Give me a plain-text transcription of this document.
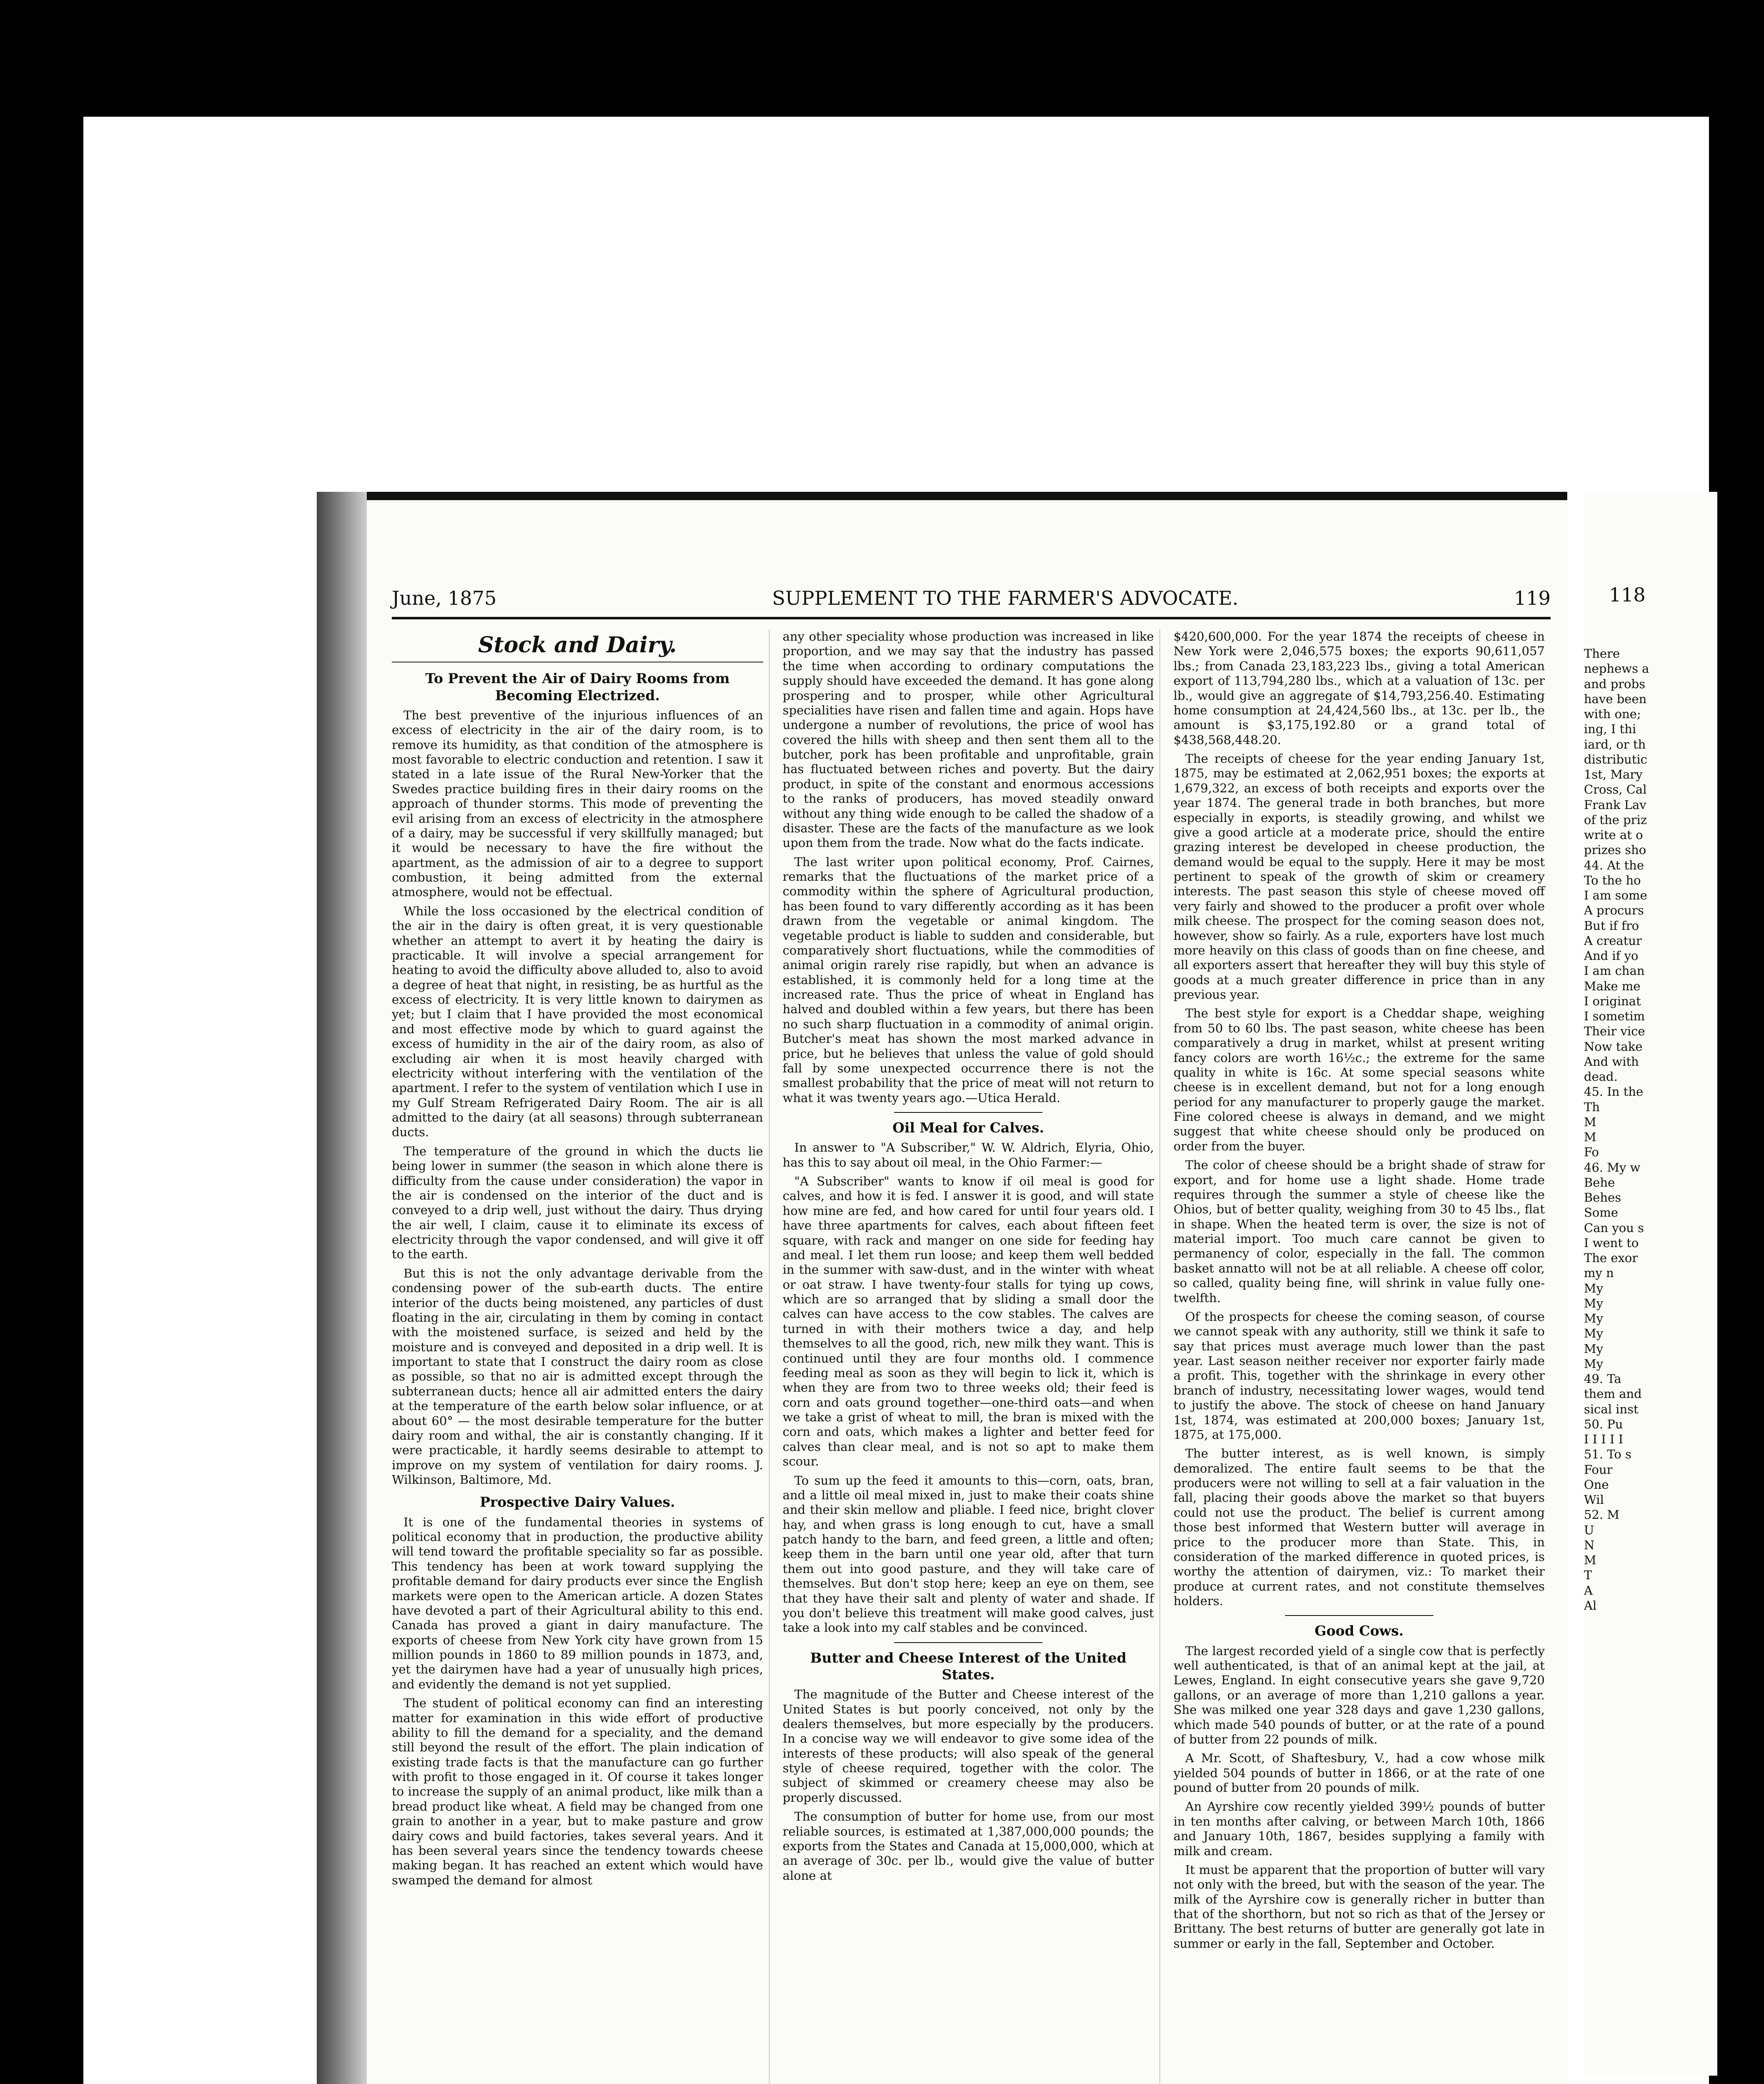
June, 1875	SUPPLEMENT TO THE FARMER'S ADVOCATE.	119
Stock and Dairy.
To Prevent the Air of Dairy Rooms from Becoming Electrized.

The best preventive of the injurious influences of an excess of electricity in the air of the dairy room, is to remove its humidity, as that condition of the atmosphere is most favorable to electric conduction and retention. I saw it stated in a late issue of the Rural New-Yorker that the Swedes practice building fires in their dairy rooms on the approach of thunder storms. This mode of preventing the evil arising from an excess of electricity in the atmosphere of a dairy, may be successful if very skillfully managed; but it would be necessary to have the fire without the apartment, as the admission of air to a degree to support combustion, it being admitted from the external atmosphere, would not be effectual.

While the loss occasioned by the electrical condition of the air in the dairy is often great, it is very questionable whether an attempt to avert it by heating the dairy is practicable. It will involve a special arrangement for heating to avoid the difficulty above alluded to, also to avoid a degree of heat that night, in resisting, be as hurtful as the excess of electricity. It is very little known to dairymen as yet; but I claim that I have provided the most economical and most effective mode by which to guard against the excess of humidity in the air of the dairy room, as also of excluding air when it is most heavily charged with electricity without interfering with the ventilation of the apartment. I refer to the system of ventilation which I use in my Gulf Stream Refrigerated Dairy Room. The air is all admitted to the dairy (at all seasons) through subterranean ducts.

The temperature of the ground in which the ducts lie being lower in summer (the season in which alone there is difficulty from the cause under consideration) the vapor in the air is condensed on the interior of the duct and is conveyed to a drip well, just without the dairy. Thus drying the air well, I claim, cause it to eliminate its excess of electricity through the vapor condensed, and will give it off to the earth.

But this is not the only advantage derivable from the condensing power of the sub-earth ducts. The entire interior of the ducts being moistened, any particles of dust floating in the air, circulating in them by coming in contact with the moistened surface, is seized and held by the moisture and is conveyed and deposited in a drip well. It is important to state that I construct the dairy room as close as possible, so that no air is admitted except through the subterranean ducts; hence all air admitted enters the dairy at the temperature of the earth below solar influence, or at about 60° — the most desirable temperature for the butter dairy room and withal, the air is constantly changing. If it were practicable, it hardly seems desirable to attempt to improve on my system of ventilation for dairy rooms. J. Wilkinson, Baltimore, Md.

Prospective Dairy Values.

It is one of the fundamental theories in systems of political economy that in production, the productive ability will tend toward the profitable speciality so far as possible. This tendency has been at work toward supplying the profitable demand for dairy products ever since the English markets were open to the American article. A dozen States have devoted a part of their Agricultural ability to this end. Canada has proved a giant in dairy manufacture. The exports of cheese from New York city have grown from 15 million pounds in 1860 to 89 million pounds in 1873, and, yet the dairymen have had a year of unusually high prices, and evidently the demand is not yet supplied.

The student of political economy can find an interesting matter for examination in this wide effort of productive ability to fill the demand for a speciality, and the demand still beyond the result of the effort. The plain indication of existing trade facts is that the manufacture can go further with profit to those engaged in it. Of course it takes longer to increase the supply of an animal product, like milk than a bread product like wheat. A field may be changed from one grain to another in a year, but to make pasture and grow dairy cows and build factories, takes several years. And it has been several years since the tendency towards cheese making began. It has reached an extent which would have swamped the demand for almost

any other speciality whose production was increased in like proportion, and we may say that the industry has passed the time when according to ordinary computations the supply should have exceeded the demand. It has gone along prospering and to prosper, while other Agricultural specialities have risen and fallen time and again. Hops have undergone a number of revolutions, the price of wool has covered the hills with sheep and then sent them all to the butcher, pork has been profitable and unprofitable, grain has fluctuated between riches and poverty. But the dairy product, in spite of the constant and enormous accessions to the ranks of producers, has moved steadily onward without any thing wide enough to be called the shadow of a disaster. These are the facts of the manufacture as we look upon them from the trade. Now what do the facts indicate.

The last writer upon political economy, Prof. Cairnes, remarks that the fluctuations of the market price of a commodity within the sphere of Agricultural production, has been found to vary differently according as it has been drawn from the vegetable or animal kingdom. The vegetable product is liable to sudden and considerable, but comparatively short fluctuations, while the commodities of animal origin rarely rise rapidly, but when an advance is established, it is commonly held for a long time at the increased rate. Thus the price of wheat in England has halved and doubled within a few years, but there has been no such sharp fluctuation in a commodity of animal origin. Butcher's meat has shown the most marked advance in price, but he believes that unless the value of gold should fall by some unexpected occurrence there is not the smallest probability that the price of meat will not return to what it was twenty years ago.—Utica Herald.

Oil Meal for Calves.

In answer to "A Subscriber," W. W. Aldrich, Elyria, Ohio, has this to say about oil meal, in the Ohio Farmer:—

"A Subscriber" wants to know if oil meal is good for calves, and how it is fed. I answer it is good, and will state how mine are fed, and how cared for until four years old. I have three apartments for calves, each about fifteen feet square, with rack and manger on one side for feeding hay and meal. I let them run loose; and keep them well bedded in the summer with saw-dust, and in the winter with wheat or oat straw. I have twenty-four stalls for tying up cows, which are so arranged that by sliding a small door the calves can have access to the cow stables. The calves are turned in with their mothers twice a day, and help themselves to all the good, rich, new milk they want. This is continued until they are four months old. I commence feeding meal as soon as they will begin to lick it, which is when they are from two to three weeks old; their feed is corn and oats ground together—one-third oats—and when we take a grist of wheat to mill, the bran is mixed with the corn and oats, which makes a lighter and better feed for calves than clear meal, and is not so apt to make them scour.

To sum up the feed it amounts to this—corn, oats, bran, and a little oil meal mixed in, just to make their coats shine and their skin mellow and pliable. I feed nice, bright clover hay, and when grass is long enough to cut, have a small patch handy to the barn, and feed green, a little and often; keep them in the barn until one year old, after that turn them out into good pasture, and they will take care of themselves. But don't stop here; keep an eye on them, see that they have their salt and plenty of water and shade. If you don't believe this treatment will make good calves, just take a look into my calf stables and be convinced.

Butter and Cheese Interest of the United States.

The magnitude of the Butter and Cheese interest of the United States is but poorly conceived, not only by the dealers themselves, but more especially by the producers. In a concise way we will endeavor to give some idea of the interests of these products; will also speak of the general style of cheese required, together with the color. The subject of skimmed or creamery cheese may also be properly discussed.

The consumption of butter for home use, from our most reliable sources, is estimated at 1,387,000,000 pounds; the exports from the States and Canada at 15,000,000, which at an average of 30c. per lb., would give the value of butter alone at

$420,600,000. For the year 1874 the receipts of cheese in New York were 2,046,575 boxes; the exports 90,611,057 lbs.; from Canada 23,183,223 lbs., giving a total American export of 113,794,280 lbs., which at a valuation of 13c. per lb., would give an aggregate of $14,793,256.40. Estimating home consumption at 24,424,560 lbs., at 13c. per lb., the amount is $3,175,192.80 or a grand total of $438,568,448.20.

The receipts of cheese for the year ending January 1st, 1875, may be estimated at 2,062,951 boxes; the exports at 1,679,322, an excess of both receipts and exports over the year 1874. The general trade in both branches, but more especially in exports, is steadily growing, and whilst we give a good article at a moderate price, should the entire grazing interest be developed in cheese production, the demand would be equal to the supply. Here it may be most pertinent to speak of the growth of skim or creamery interests. The past season this style of cheese moved off very fairly and showed to the producer a profit over whole milk cheese. The prospect for the coming season does not, however, show so fairly. As a rule, exporters have lost much more heavily on this class of goods than on fine cheese, and all exporters assert that hereafter they will buy this style of goods at a much greater difference in price than in any previous year.

The best style for export is a Cheddar shape, weighing from 50 to 60 lbs. The past season, white cheese has been comparatively a drug in market, whilst at present writing fancy colors are worth 16½c.; the extreme for the same quality in white is 16c. At some special seasons white cheese is in excellent demand, but not for a long enough period for any manufacturer to properly gauge the market. Fine colored cheese is always in demand, and we might suggest that white cheese should only be produced on order from the buyer.

The color of cheese should be a bright shade of straw for export, and for home use a light shade. Home trade requires through the summer a style of cheese like the Ohios, but of better quality, weighing from 30 to 45 lbs., flat in shape. When the heated term is over, the size is not of material import. Too much care cannot be given to permanency of color, especially in the fall. The common basket annatto will not be at all reliable. A cheese off color, so called, quality being fine, will shrink in value fully one-twelfth.

Of the prospects for cheese the coming season, of course we cannot speak with any authority, still we think it safe to say that prices must average much lower than the past year. Last season neither receiver nor exporter fairly made a profit. This, together with the shrinkage in every other branch of industry, necessitating lower wages, would tend to justify the above. The stock of cheese on hand January 1st, 1874, was estimated at 200,000 boxes; January 1st, 1875, at 175,000.

The butter interest, as is well known, is simply demoralized. The entire fault seems to be that the producers were not willing to sell at a fair valuation in the fall, placing their goods above the market so that buyers could not use the product. The belief is current among those best informed that Western butter will average in price to the producer more than State. This, in consideration of the marked difference in quoted prices, is worthy the attention of dairymen, viz.: To market their produce at current rates, and not constitute themselves holders.

Good Cows.

The largest recorded yield of a single cow that is perfectly well authenticated, is that of an animal kept at the jail, at Lewes, England. In eight consecutive years she gave 9,720 gallons, or an average of more than 1,210 gallons a year. She was milked one year 328 days and gave 1,230 gallons, which made 540 pounds of butter, or at the rate of a pound of butter from 22 pounds of milk.

A Mr. Scott, of Shaftesbury, V., had a cow whose milk yielded 504 pounds of butter in 1866, or at the rate of one pound of butter from 20 pounds of milk.

An Ayrshire cow recently yielded 399½ pounds of butter in ten months after calving, or between March 10th, 1866 and January 10th, 1867, besides supplying a family with milk and cream.

It must be apparent that the proportion of butter will vary not only with the breed, but with the season of the year. The milk of the Ayrshire cow is generally richer in butter than that of the shorthorn, but not so rich as that of the Jersey or Brittany. The best returns of butter are generally got late in summer or early in the fall, September and October.

118
There
nephews a
and probs
have been
with one;
ing, I thi
iard, or th
distributic
1st, Mary
Cross, Cal
Frank Lav
of the priz
write at o
prizes sho
44. At the
To the ho
I am some
A procurs
But if fro
A creatur
And if yo
I am chan
Make me
I originat
I sometim
Their vice
Now take
And with
dead.
45. In the
Th
M
M
Fo
46. My w
Behe
Behes
Some
Can you s
I went to
The exor
my n
My
My
My
My
My
My
49. Ta
them and
sical inst
50. Pu
I I I I I
51. To s
Four
One
Wil
52. M
U
N
M
T
A
Al
